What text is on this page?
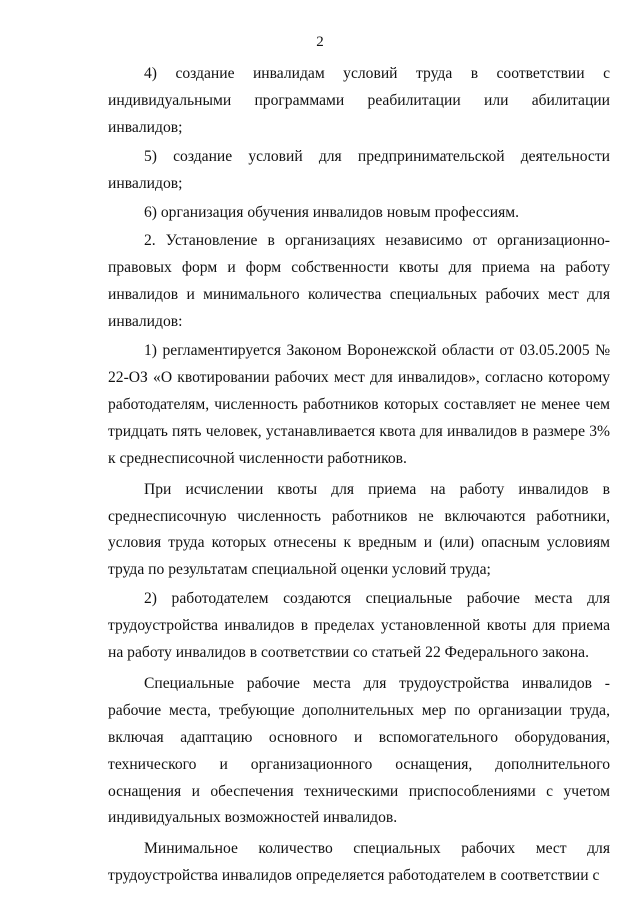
2

4) создание инвалидам условий труда в соответствии с индивидуальными программами реабилитации или абилитации инвалидов;

5) создание условий для предпринимательской деятельности инвалидов;

6) организация обучения инвалидов новым профессиям.

2. Установление в организациях независимо от организационно-правовых форм и форм собственности квоты для приема на работу инвалидов и минимального количества специальных рабочих мест для инвалидов:

1) регламентируется Законом Воронежской области от 03.05.2005 № 22-ОЗ «О квотировании рабочих мест для инвалидов», согласно которому работодателям, численность работников которых составляет не менее чем тридцать пять человек, устанавливается квота для инвалидов в размере 3% к среднесписочной численности работников.

При исчислении квоты для приема на работу инвалидов в среднесписочную численность работников не включаются работники, условия труда которых отнесены к вредным и (или) опасным условиям труда по результатам специальной оценки условий труда;

2) работодателем создаются специальные рабочие места для трудоустройства инвалидов в пределах установленной квоты для приема на работу инвалидов в соответствии со статьей 22 Федерального закона.

Специальные рабочие места для трудоустройства инвалидов - рабочие места, требующие дополнительных мер по организации труда, включая адаптацию основного и вспомогательного оборудования, технического и организационного оснащения, дополнительного оснащения и обеспечения техническими приспособлениями с учетом индивидуальных возможностей инвалидов.

Минимальное количество специальных рабочих мест для трудоустройства инвалидов определяется работодателем в соответствии с
